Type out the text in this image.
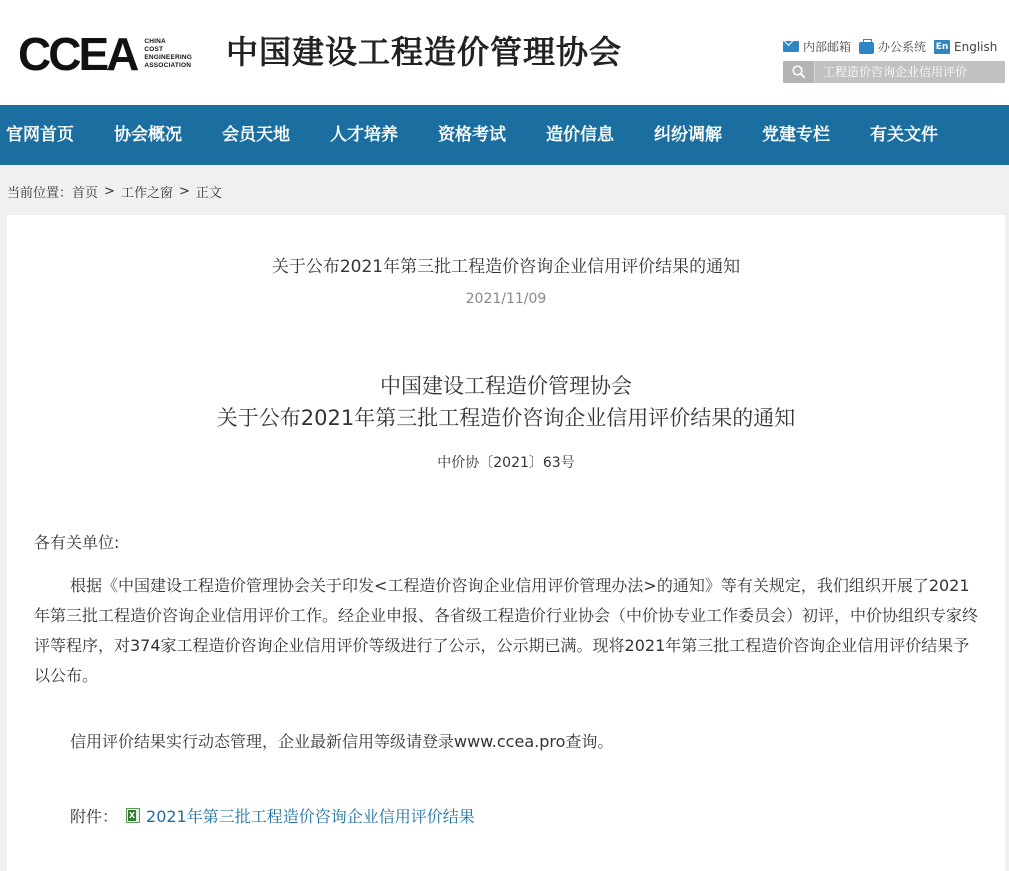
CCEA CHINA
COST
ENGINEERING
ASSOCIATION 中国建设工程造价管理协会	内部邮箱 办公系统 En English
工程造价咨询企业信用评价
官网首页	协会概况	会员天地	人才培养	资格考试	造价信息	纠纷调解	党建专栏	有关文件
当前位置： 首页 > 工作之窗 > 正文
关于公布2021年第三批工程造价咨询企业信用评价结果的通知
2021/11/09
中国建设工程造价管理协会
关于公布2021年第三批工程造价咨询企业信用评价结果的通知
中价协〔2021〕63号
各有关单位:
根据《中国建设工程造价管理协会关于印发<工程造价咨询企业信用评价管理办法>的通知》等有关规定，我们组织开展了2021年第三批工程造价咨询企业信用评价工作。经企业申报、各省级工程造价行业协会（中价协专业工作委员会）初评，中价协组织专家终评等程序，对374家工程造价咨询企业信用评价等级进行了公示，公示期已满。现将2021年第三批工程造价咨询企业信用评价结果予以公布。
信用评价结果实行动态管理，企业最新信用等级请登录www.ccea.pro查询。
附件：
X 2021年第三批工程造价咨询企业信用评价结果
